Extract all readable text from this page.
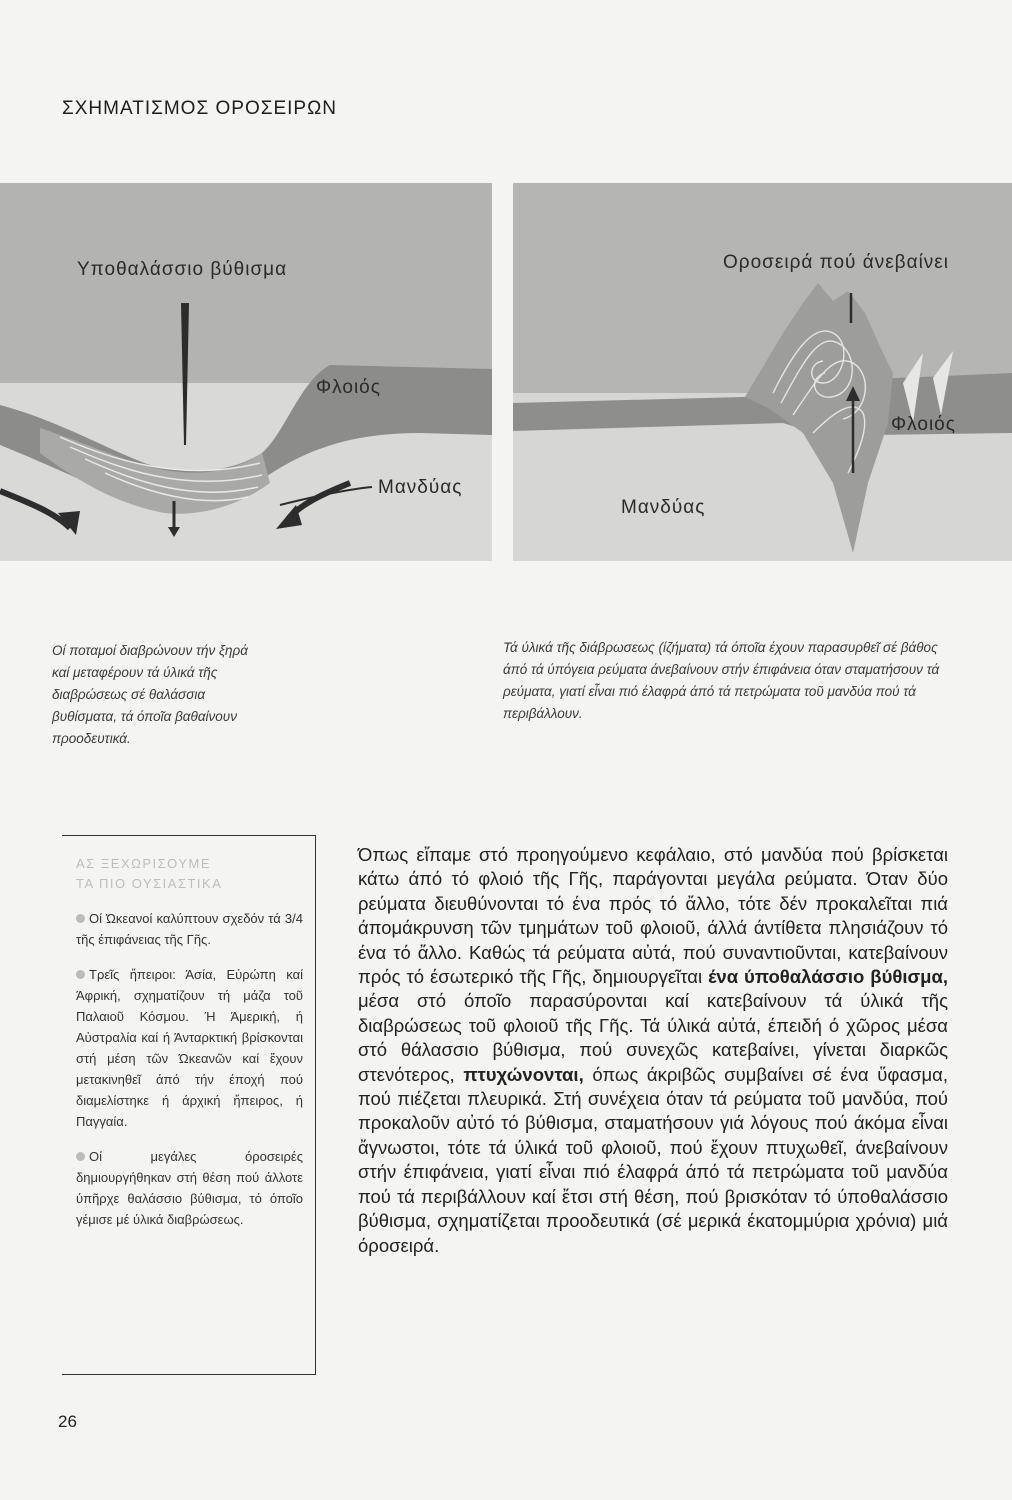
ΣΧΗΜΑΤΙΣΜΟΣ ΟΡΟΣΕΙΡΩΝ
Υποθαλάσσιο βύθισμα
Φλοιός
Μανδύας
Οροσειρά πού άνεβαίνει
Φλοιός
Μανδύας

Οί ποταμοί διαβρώνουν τήν ξηρά καί μεταφέρουν τά ύλικά τῆς διαβρώσεως σέ θαλάσσια βυθίσματα, τά όποῖα βαθαίνουν προοδευτικά.

Τά ύλικά τῆς διάβρωσεως (ίζήματα) τά όποῖα έχουν παρασυρθεῖ σέ βάθος άπό τά ύπόγεια ρεύματα άνεβαίνουν στήν έπιφάνεια όταν σταματήσουν τά ρεύματα, γιατί εἶναι πιό έλαφρά άπό τά πετρώματα τοῦ μανδύα πού τά περιβάλλουν.

ΑΣ ΞΕΧΩΡΙΣΟΥΜΕ
ΤΑ ΠΙΟ ΟΥΣΙΑΣΤΙΚΑ

Οί Ώκεανοί καλύπτουν σχεδόν τά 3/4 τῆς έπιφάνειας τῆς Γῆς.

Τρεῖς ἤπειροι: Άσία, Εὐρώπη καί Άφρική, σχηματίζουν τή μάζα τοῦ Παλαιοῦ Κόσμου. Ή Άμερική, ή Αὐστραλία καί ή Άνταρκτική βρίσκονται στή μέση τῶν Ώκεανῶν καί ἔχουν μετακινηθεῖ άπό τήν έποχή πού διαμελίστηκε ή άρχική ἤπειρος, ή Παγγαία.

Οί μεγάλες όροσειρές δημιουργήθηκαν στή θέση πού άλλοτε ύπῆρχε θαλάσσιο βύθισμα, τό όποῖο γέμισε μέ ύλικά διαβρώσεως.

Όπως εἴπαμε στό προηγούμενο κεφάλαιο, στό μανδύα πού βρίσκεται κάτω άπό τό φλοιό τῆς Γῆς, παράγονται μεγάλα ρεύματα. Όταν δύο ρεύματα διευθύνονται τό ένα πρός τό ἄλλο, τότε δέν προκαλεῖται πιά άπομάκρυνση τῶν τμημάτων τοῦ φλοιοῦ, άλλά άντίθετα πλησιάζουν τό ένα τό ἄλλο. Καθώς τά ρεύματα αὐτά, πού συναντιοῦνται, κατεβαίνουν πρός τό έσωτερικό τῆς Γῆς, δημιουργεῖται ένα ύποθαλάσσιο βύθισμα, μέσα στό όποῖο παρασύρονται καί κατεβαίνουν τά ύλικά τῆς διαβρώσεως τοῦ φλοιοῦ τῆς Γῆς. Τά ύλικά αὐτά, έπειδή ό χῶρος μέσα στό θάλασσιο βύθισμα, πού συνεχῶς κατεβαίνει, γίνεται διαρκῶς στενότερος, πτυχώνονται, όπως άκριβῶς συμβαίνει σέ ένα ὕφασμα, πού πιέζεται πλευρικά. Στή συνέχεια όταν τά ρεύματα τοῦ μανδύα, πού προκαλοῦν αὐτό τό βύθισμα, σταματήσουν γιά λόγους πού άκόμα εἶναι ἄγνωστοι, τότε τά ύλικά τοῦ φλοιοῦ, πού ἔχουν πτυχωθεῖ, άνεβαίνουν στήν έπιφάνεια, γιατί εἶναι πιό έλαφρά άπό τά πετρώματα τοῦ μανδύα πού τά περιβάλλουν καί ἔτσι στή θέση, πού βρισκόταν τό ύποθαλάσσιο βύθισμα, σχηματίζεται προοδευτικά (σέ μερικά έκατομμύρια χρόνια) μιά όροσειρά.

26
